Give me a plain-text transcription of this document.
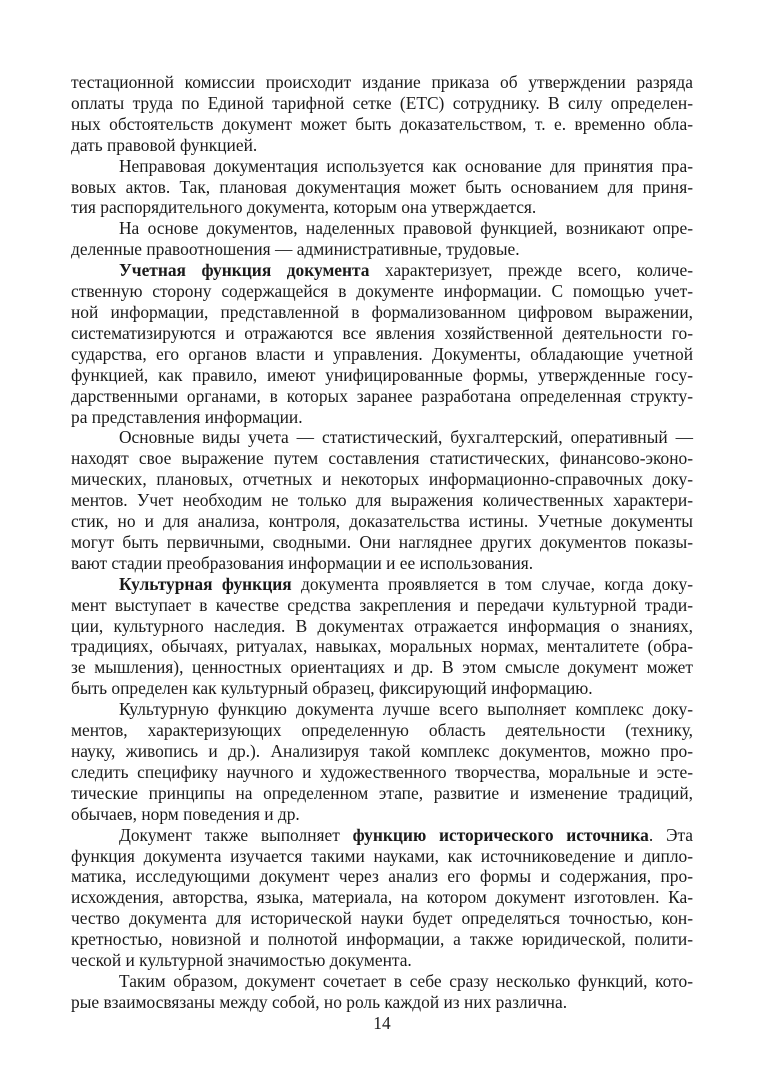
тестационной комиссии происходит издание приказа об утверждении разряда
оплаты труда по Единой тарифной сетке (ЕТС) сотруднику. В силу определен-
ных обстоятельств документ может быть доказательством, т. е. временно обла-
дать правовой функцией.

Неправовая документация используется как основание для принятия пра-
вовых актов. Так, плановая документация может быть основанием для приня-
тия распорядительного документа, которым она утверждается.

На основе документов, наделенных правовой функцией, возникают опре-
деленные правоотношения — административные, трудовые.

Учетная функция документа характеризует, прежде всего, количе-
ственную сторону содержащейся в документе информации. С помощью учет-
ной информации, представленной в формализованном цифровом выражении,
систематизируются и отражаются все явления хозяйственной деятельности го-
сударства, его органов власти и управления. Документы, обладающие учетной
функцией, как правило, имеют унифицированные формы, утвержденные госу-
дарственными органами, в которых заранее разработана определенная структу-
ра представления информации.

Основные виды учета — статистический, бухгалтерский, оперативный —
находят свое выражение путем составления статистических, финансово-эконо-
мических, плановых, отчетных и некоторых информационно-справочных доку-
ментов. Учет необходим не только для выражения количественных характери-
стик, но и для анализа, контроля, доказательства истины. Учетные документы
могут быть первичными, сводными. Они нагляднее других документов показы-
вают стадии преобразования информации и ее использования.

Культурная функция документа проявляется в том случае, когда доку-
мент выступает в качестве средства закрепления и передачи культурной тради-
ции, культурного наследия. В документах отражается информация о знаниях,
традициях, обычаях, ритуалах, навыках, моральных нормах, менталитете (обра-
зе мышления), ценностных ориентациях и др. В этом смысле документ может
быть определен как культурный образец, фиксирующий информацию.

Культурную функцию документа лучше всего выполняет комплекс доку-
ментов, характеризующих определенную область деятельности (технику,
науку, живопись и др.). Анализируя такой комплекс документов, можно про-
следить специфику научного и художественного творчества, моральные и эсте-
тические принципы на определенном этапе, развитие и изменение традиций,
обычаев, норм поведения и др.

Документ также выполняет функцию исторического источника. Эта
функция документа изучается такими науками, как источниковедение и дипло-
матика, исследующими документ через анализ его формы и содержания, про-
исхождения, авторства, языка, материала, на котором документ изготовлен. Ка-
чество документа для исторической науки будет определяться точностью, кон-
кретностью, новизной и полнотой информации, а также юридической, полити-
ческой и культурной значимостью документа.

Таким образом, документ сочетает в себе сразу несколько функций, кото-
рые взаимосвязаны между собой, но роль каждой из них различна.

14
